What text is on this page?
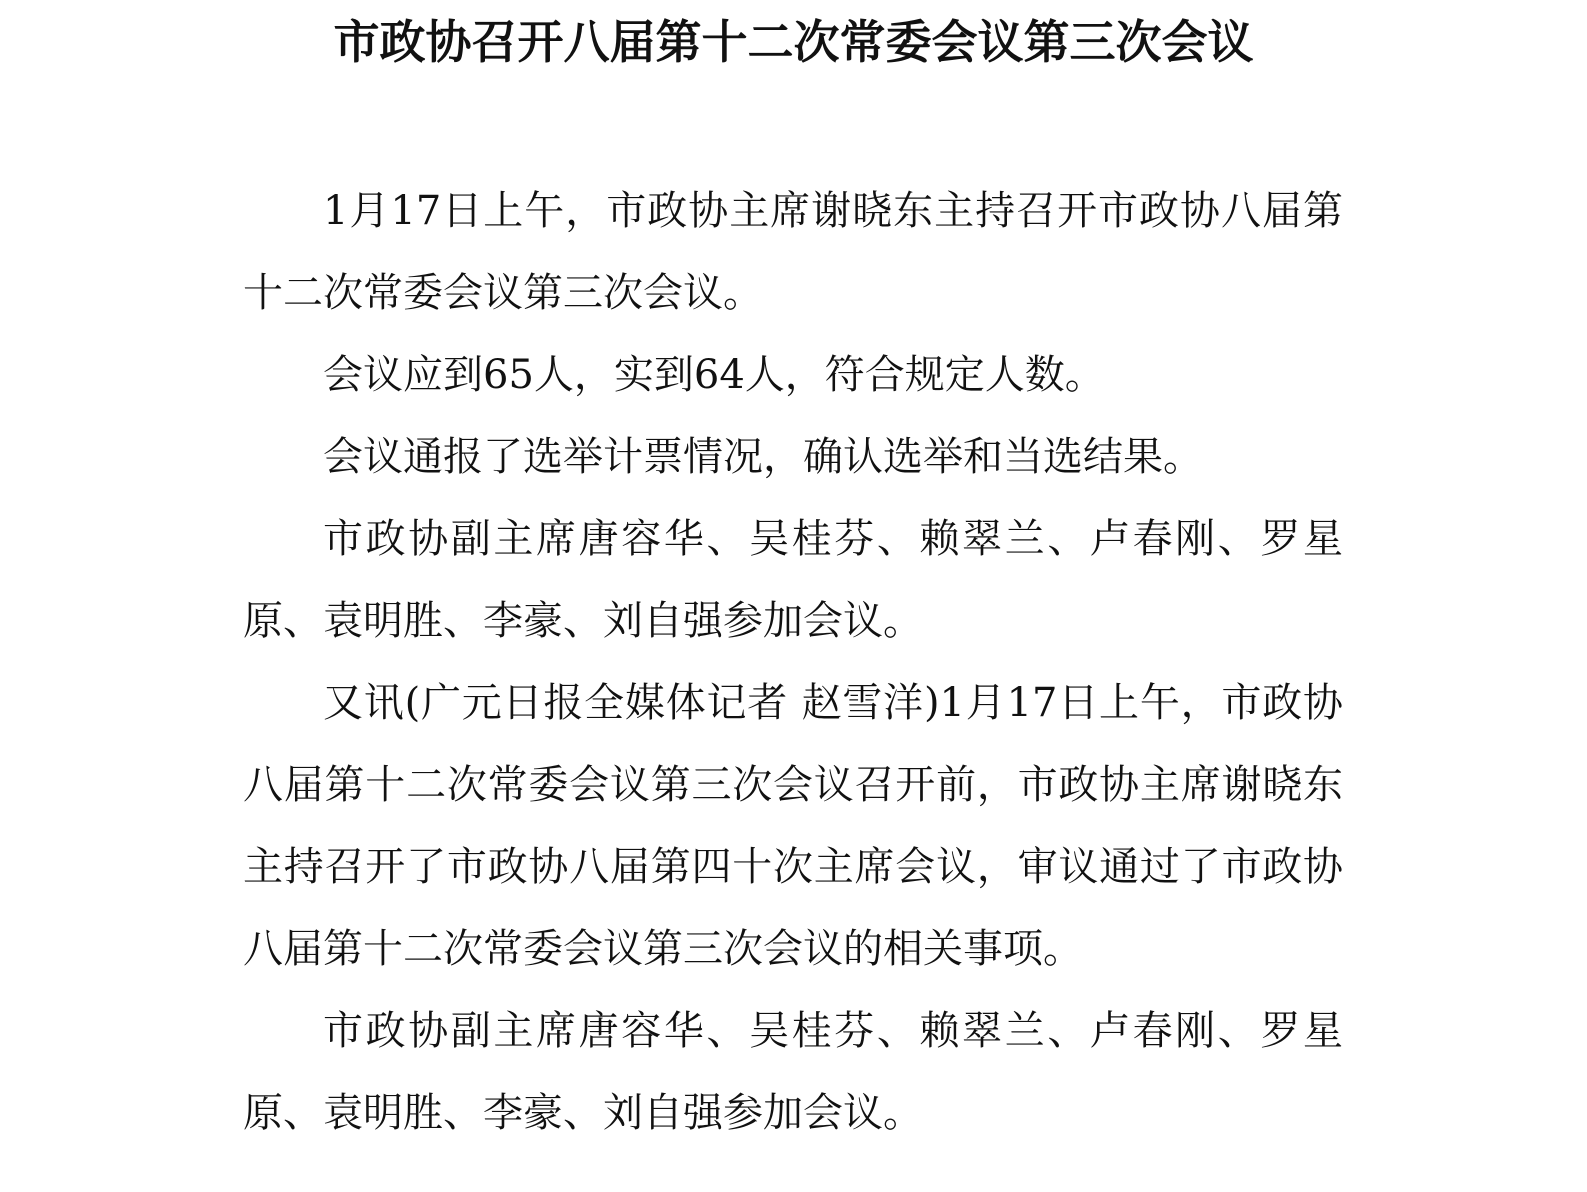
市政协召开八届第十二次常委会议第三次会议

1月17日上午，市政协主席谢晓东主持召开市政协八届第十二次常委会议第三次会议。

会议应到65人，实到64人，符合规定人数。

会议通报了选举计票情况，确认选举和当选结果。

市政协副主席唐容华、吴桂芬、赖翠兰、卢春刚、罗星原、袁明胜、李豪、刘自强参加会议。

又讯(广元日报全媒体记者 赵雪洋)1月17日上午，市政协八届第十二次常委会议第三次会议召开前，市政协主席谢晓东主持召开了市政协八届第四十次主席会议，审议通过了市政协八届第十二次常委会议第三次会议的相关事项。

市政协副主席唐容华、吴桂芬、赖翠兰、卢春刚、罗星原、袁明胜、李豪、刘自强参加会议。
